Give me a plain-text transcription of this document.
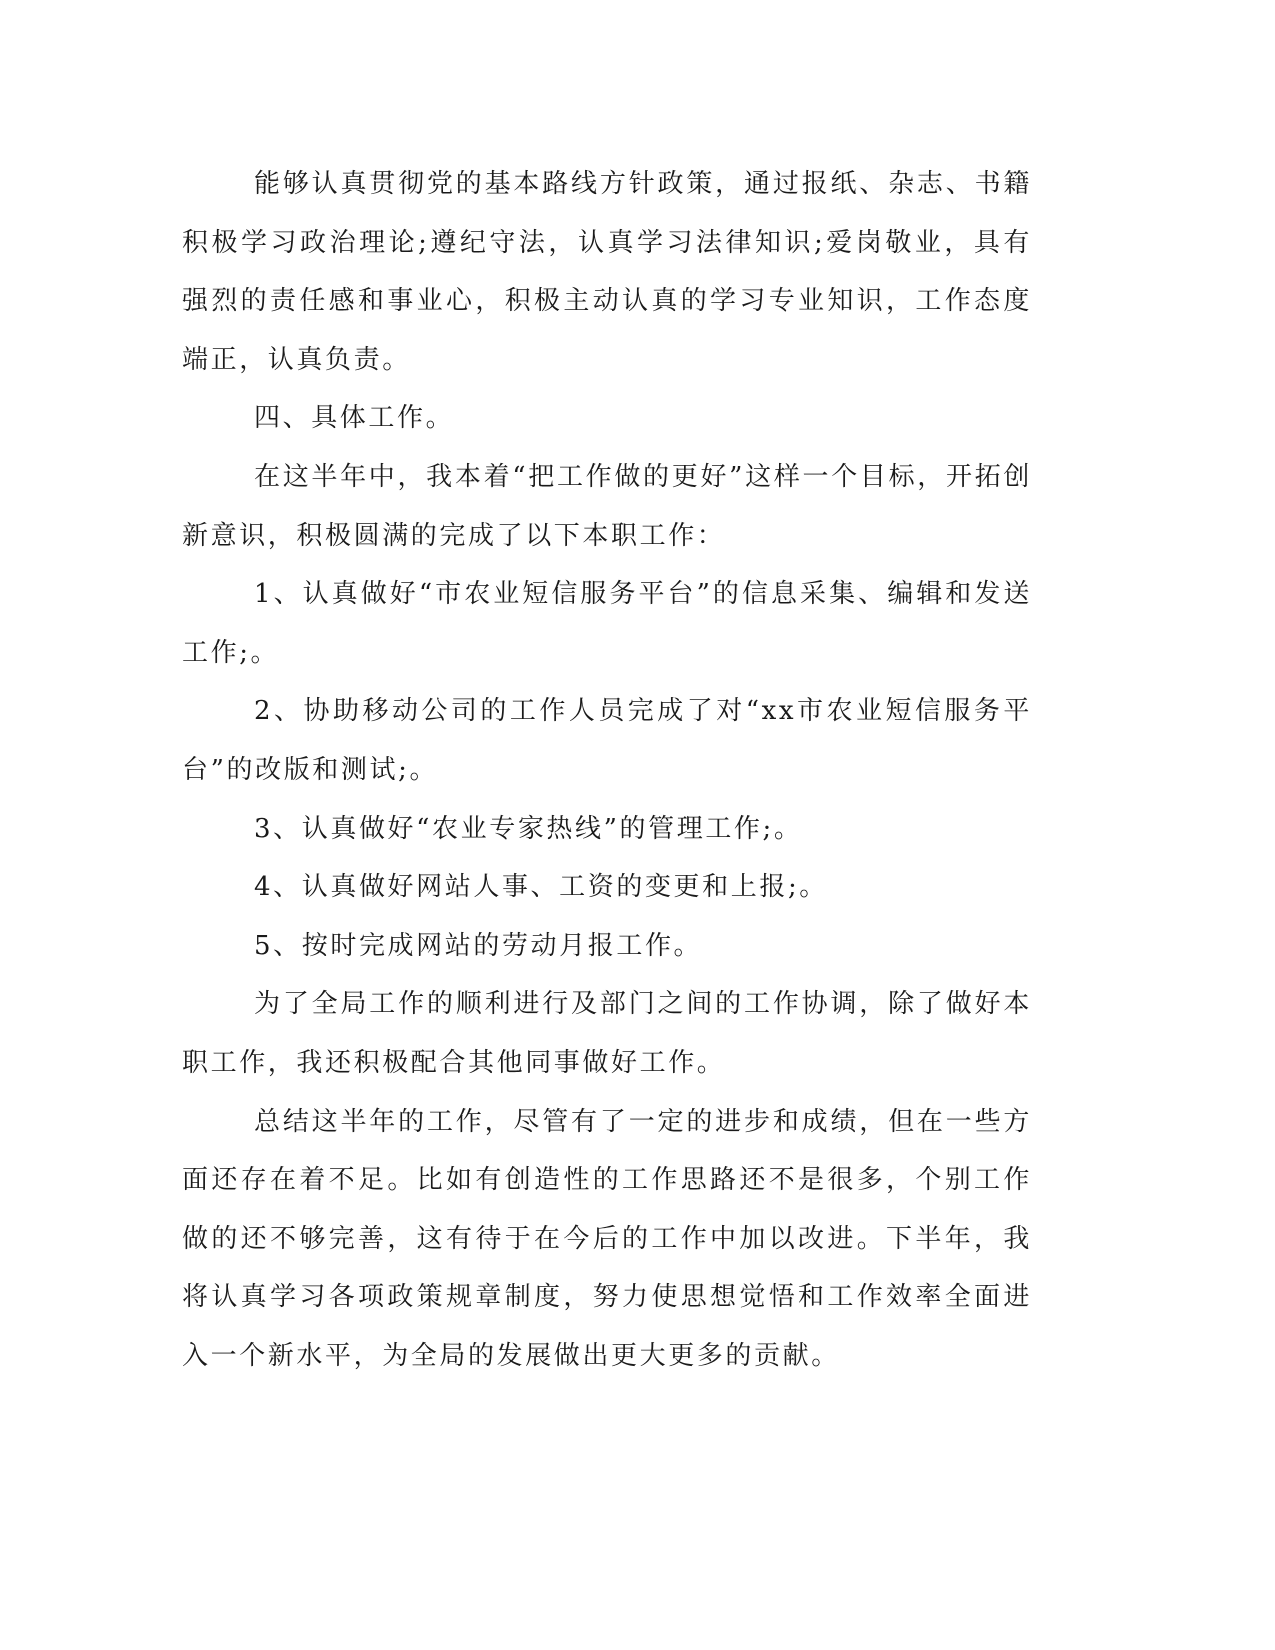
能够认真贯彻党的基本路线方针政策，通过报纸、杂志、书籍积极学习政治理论;遵纪守法，认真学习法律知识;爱岗敬业，具有强烈的责任感和事业心，积极主动认真的学习专业知识，工作态度端正，认真负责。

四、具体工作。

在这半年中，我本着“把工作做的更好”这样一个目标，开拓创新意识，积极圆满的完成了以下本职工作：

1、认真做好“市农业短信服务平台”的信息采集、编辑和发送工作;。

2、协助移动公司的工作人员完成了对“xx市农业短信服务平台”的改版和测试;。

3、认真做好“农业专家热线”的管理工作;。

4、认真做好网站人事、工资的变更和上报;。

5、按时完成网站的劳动月报工作。

为了全局工作的顺利进行及部门之间的工作协调，除了做好本职工作，我还积极配合其他同事做好工作。

总结这半年的工作，尽管有了一定的进步和成绩，但在一些方面还存在着不足。比如有创造性的工作思路还不是很多，个别工作做的还不够完善，这有待于在今后的工作中加以改进。下半年，我将认真学习各项政策规章制度，努力使思想觉悟和工作效率全面进入一个新水平，为全局的发展做出更大更多的贡献。
